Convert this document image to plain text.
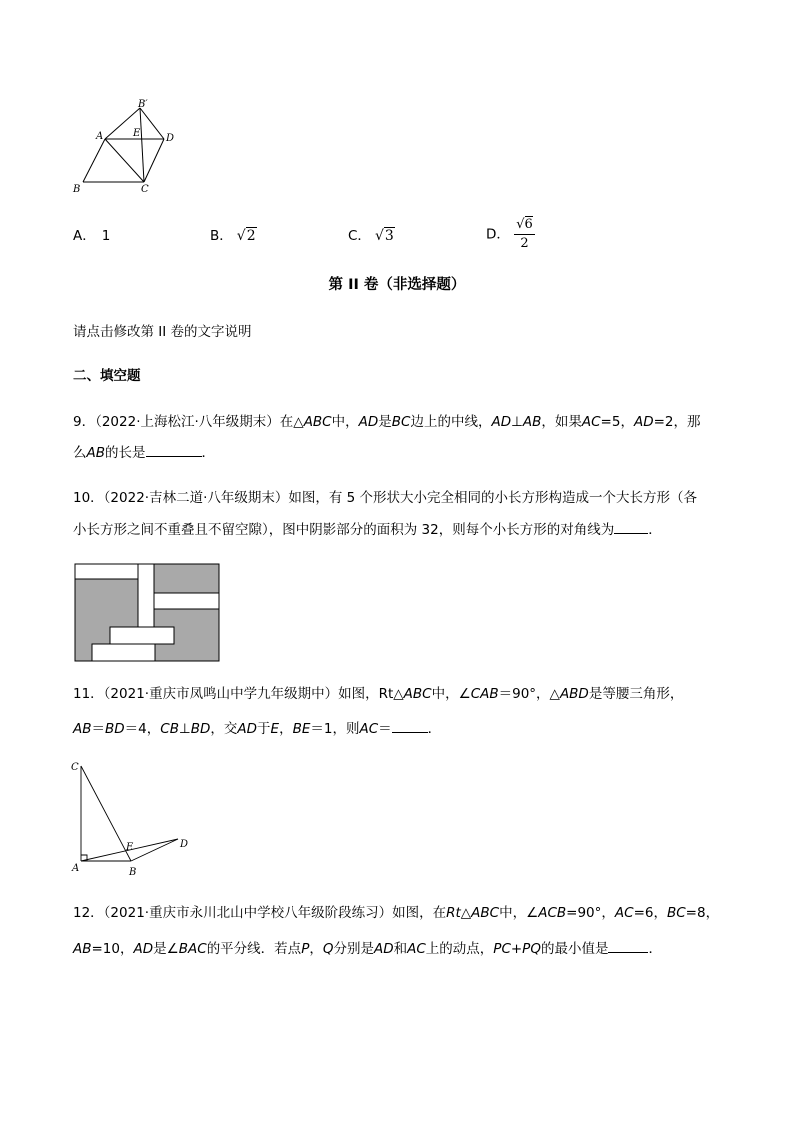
B′
A	E	D
B	C
A． 1	B． √2	C． √3	D． $\frac{√6}{2}$
第 II 卷（非选择题）
请点击修改第 II 卷的文字说明
二、填空题
9．（2022·上海松江·八年级期末）在△ABC中，AD是BC边上的中线，AD⊥AB，如果AC=5，AD=2，那
么AB的长是	．
10．（2022·吉林二道·八年级期末）如图，有 5 个形状大小完全相同的小长方形构造成一个大长方形（各
小长方形之间不重叠且不留空隙），图中阴影部分的面积为 32，则每个小长方形的对角线为	．
11．（2021·重庆市凤鸣山中学九年级期中）如图，Rt△ABC中，∠CAB＝90°，△ABD是等腰三角形，
AB＝BD＝4，CB⊥BD，交AD于E，BE＝1，则AC＝	．
C
E	D
A	B
12．（2021·重庆市永川北山中学校八年级阶段练习）如图，在Rt△ABC中，∠ACB=90°，AC=6，BC=8，
AB=10，AD是∠BAC的平分线．若点P，Q分别是AD和AC上的动点，PC+PQ的最小值是	．
